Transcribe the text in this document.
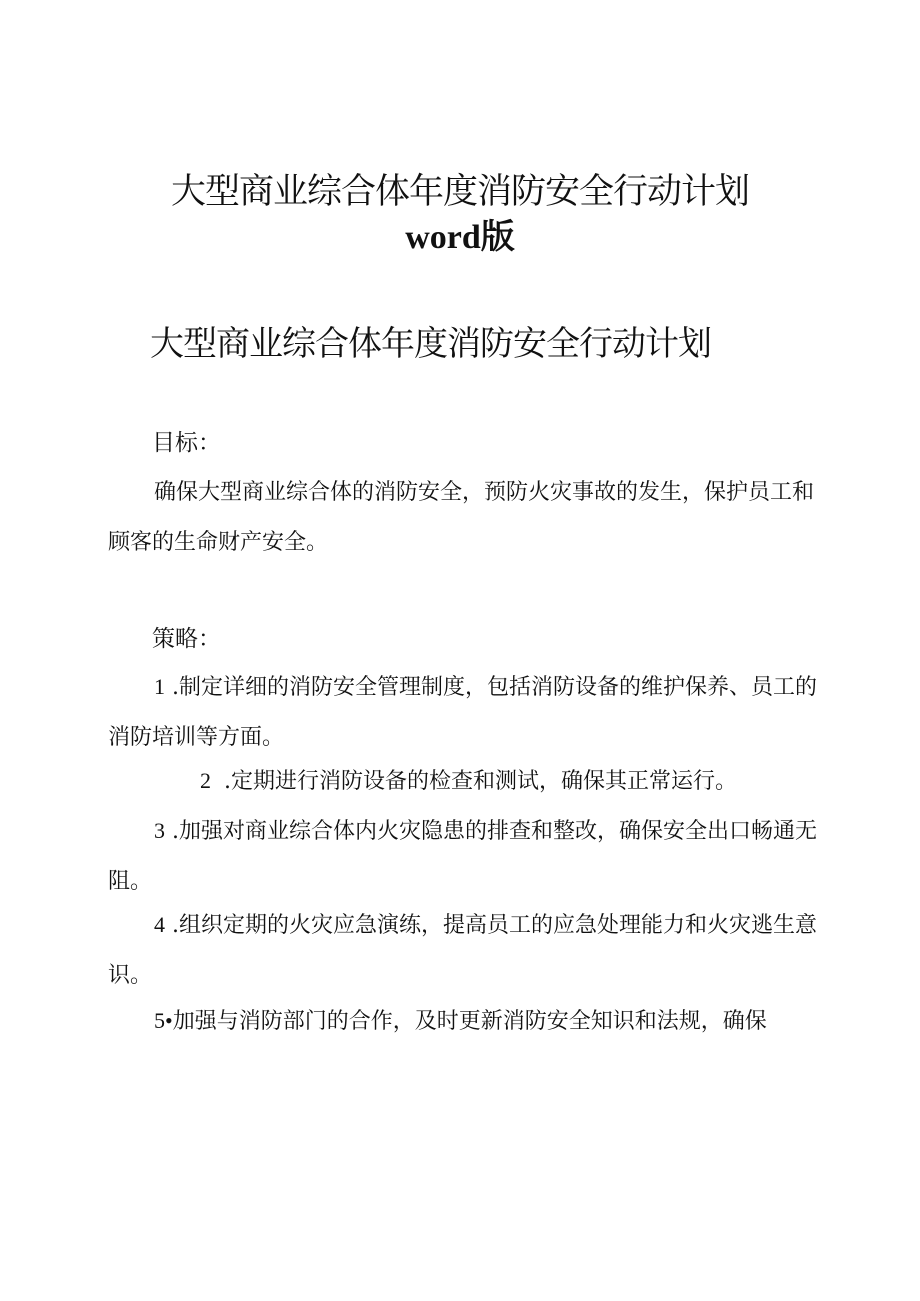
大型商业综合体年度消防安全行动计划
word版
大型商业综合体年度消防安全行动计划
目标：

确保大型商业综合体的消防安全，预防火灾事故的发生，保护员工和顾客的生命财产安全。

策略：

1 .制定详细的消防安全管理制度，包括消防设备的维护保养、员工的消防培训等方面。

2 .定期进行消防设备的检查和测试，确保其正常运行。

3 .加强对商业综合体内火灾隐患的排查和整改，确保安全出口畅通无阻。

4 .组织定期的火灾应急演练，提高员工的应急处理能力和火灾逃生意识。

5•加强与消防部门的合作，及时更新消防安全知识和法规，确保
